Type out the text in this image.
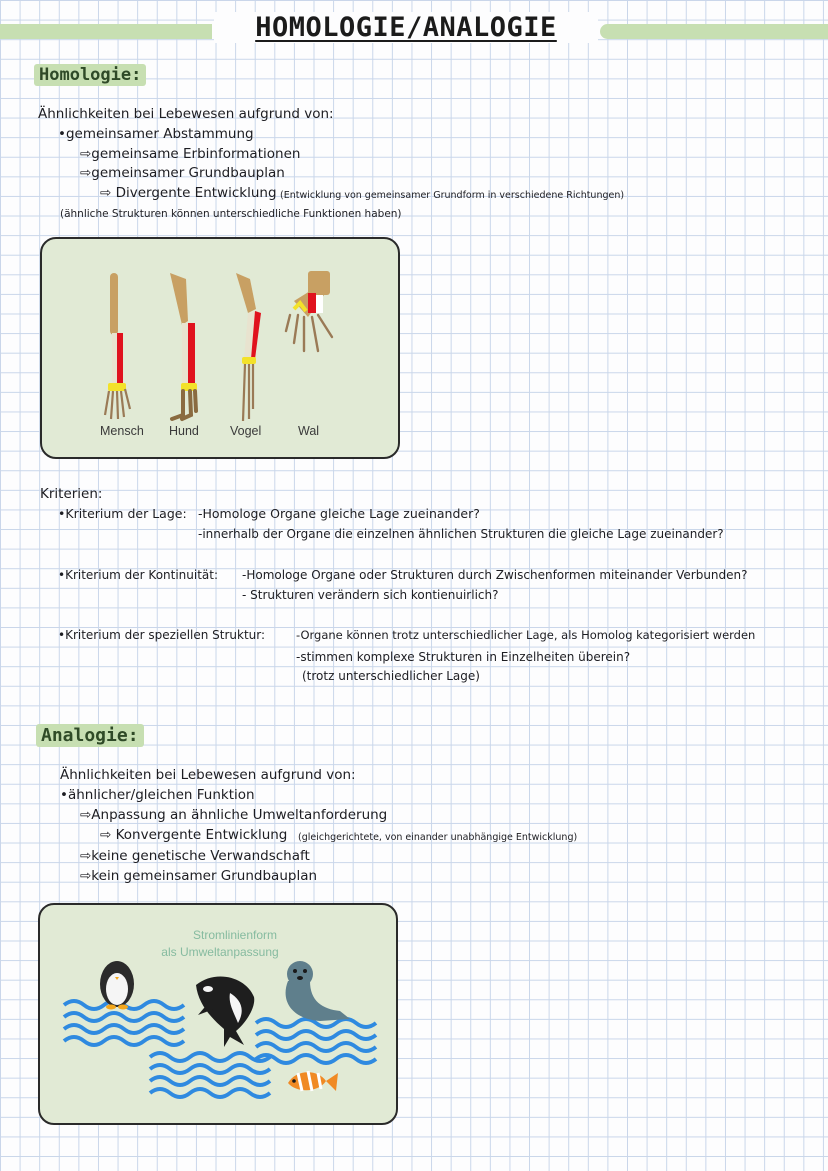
HOMOLOGIE/ANALOGIE
Homologie:
Ähnlichkeiten bei Lebewesen aufgrund von:
•gemeinsamer Abstammung
⇨gemeinsame Erbinformationen
⇨gemeinsamer Grundbauplan
⇨ Divergente Entwicklung (Entwicklung von gemeinsamer Grundform in verschiedene Richtungen)
(ähnliche Strukturen können unterschiedliche Funktionen haben)
Mensch Hund Vogel	Wal
Kriterien:
•Kriterium der Lage: -Homologe Organe gleiche Lage zueinander?
-innerhalb der Organe die einzelnen ähnlichen Strukturen die gleiche Lage zueinander?
•Kriterium der Kontinuität: -Homologe Organe oder Strukturen durch Zwischenformen miteinander Verbunden?
- Strukturen verändern sich kontienuirlich?
•Kriterium der speziellen Struktur:	-Organe können trotz unterschiedlicher Lage, als Homolog kategorisiert werden
-stimmen komplexe Strukturen in Einzelheiten überein?
(trotz unterschiedlicher Lage)
Analogie:
Ähnlichkeiten bei Lebewesen aufgrund von:
•ähnlicher/gleichen Funktion
⇨Anpassung an ähnliche Umweltanforderung
⇨ Konvergente Entwicklung (gleichgerichtete, von einander unabhängige Entwicklung)
⇨keine genetische Verwandschaft
⇨kein gemeinsamer Grundbauplan
Stromlinienform
als Umweltanpassung
